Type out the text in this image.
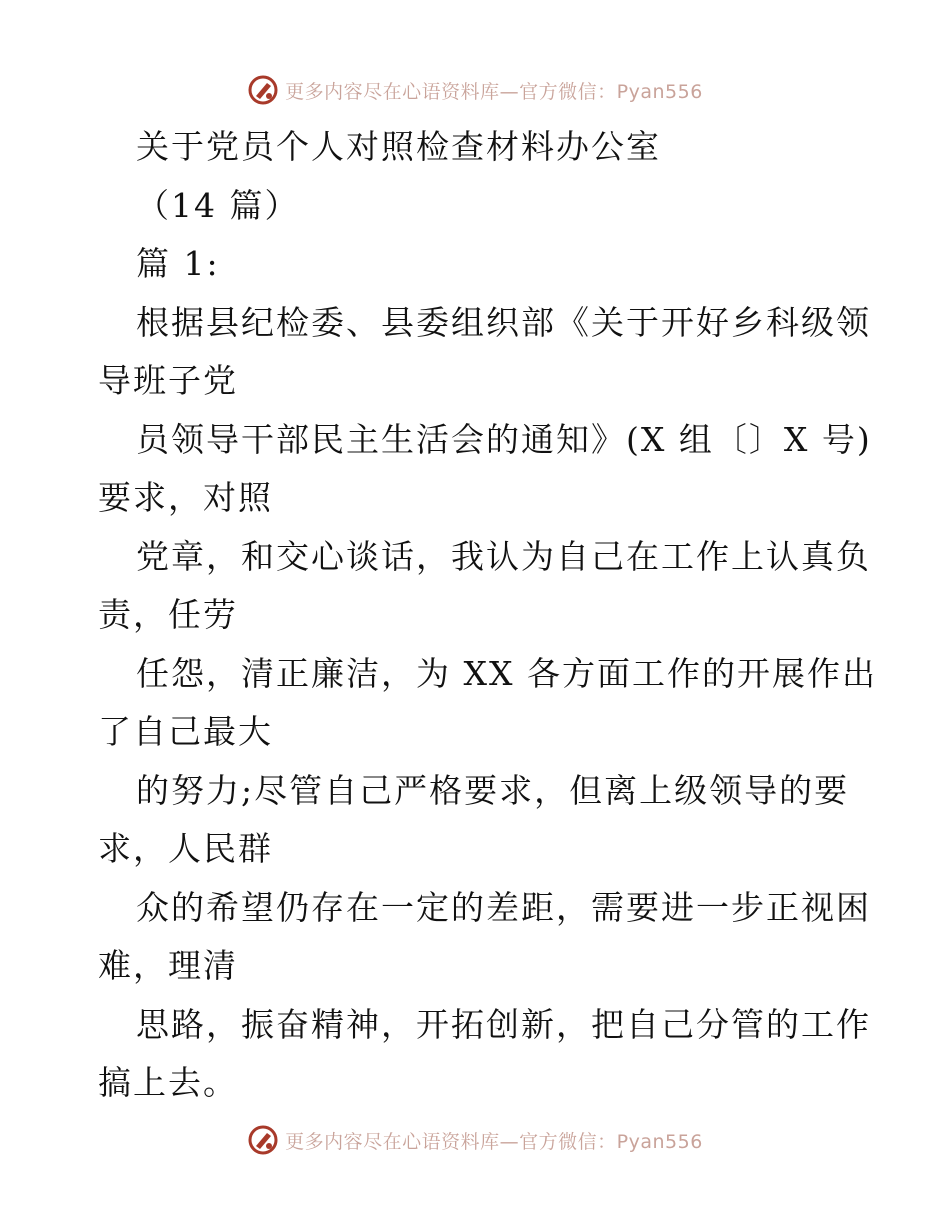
更多内容尽在心语资料库—官方微信：Pyan556
关于党员个人对照检查材料办公室
（14 篇）
篇 1:
根据县纪检委、县委组织部《关于开好乡科级领
导班子党
员领导干部民主生活会的通知》(X 组〔〕X 号)
要求，对照
党章，和交心谈话，我认为自己在工作上认真负
责，任劳
任怨，清正廉洁，为 XX 各方面工作的开展作出
了自己最大
的努力;尽管自己严格要求，但离上级领导的要
求，人民群
众的希望仍存在一定的差距，需要进一步正视困
难，理清
思路，振奋精神，开拓创新，把自己分管的工作
搞上去。
更多内容尽在心语资料库—官方微信：Pyan556
